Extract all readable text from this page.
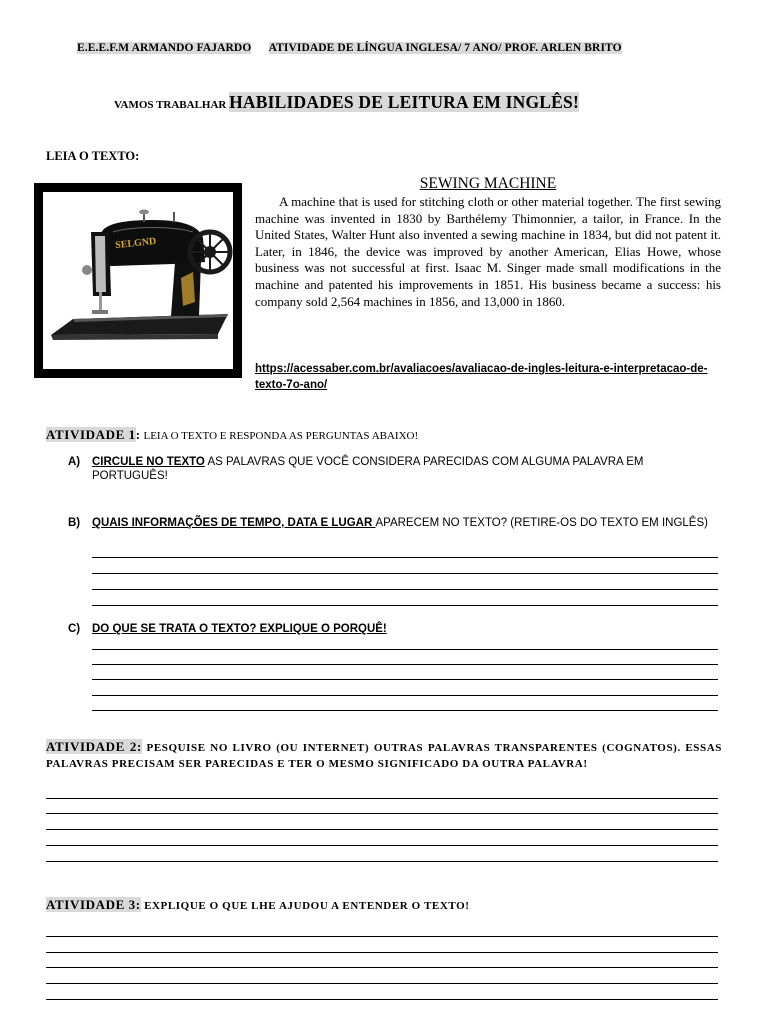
E.E.E.F.M ARMANDO FAJARDO ATIVIDADE DE LÍNGUA INGLESA/ 7 ANO/ PROF. ARLEN BRITO
VAMOS TRABALHAR HABILIDADES DE LEITURA EM INGLÊS!
LEIA O TEXTO:
SELGND
SEWING MACHINE
A machine that is used for stitching cloth or other material together. The first sewing machine was invented in 1830 by Barthélemy Thimonnier, a tailor, in France. In the United States, Walter Hunt also invented a sewing machine in 1834, but did not patent it. Later, in 1846, the device was improved by another American, Elias Howe, whose business was not successful at first. Isaac M. Singer made small modifications in the machine and patented his improvements in 1851. His business became a success: his company sold 2,564 machines in 1856, and 13,000 in 1860.
https://acessaber.com.br/avaliacoes/avaliacao-de-ingles-leitura-e-interpretacao-de-texto-7o-ano/
ATIVIDADE 1: LEIA O TEXTO E RESPONDA AS PERGUNTAS ABAIXO!
A) CIRCULE NO TEXTO AS PALAVRAS QUE VOCÊ CONSIDERA PARECIDAS COM ALGUMA PALAVRA EM PORTUGUÊS!
B) QUAIS INFORMAÇÕES DE TEMPO, DATA E LUGAR APARECEM NO TEXTO? (RETIRE-OS DO TEXTO EM INGLÊS)
C) DO QUE SE TRATA O TEXTO? EXPLIQUE O PORQUÊ!
ATIVIDADE 2: PESQUISE NO LIVRO (OU INTERNET) OUTRAS PALAVRAS TRANSPARENTES (COGNATOS). ESSAS PALAVRAS PRECISAM SER PARECIDAS E TER O MESMO SIGNIFICADO DA OUTRA PALAVRA!
ATIVIDADE 3: EXPLIQUE O QUE LHE AJUDOU A ENTENDER O TEXTO!
